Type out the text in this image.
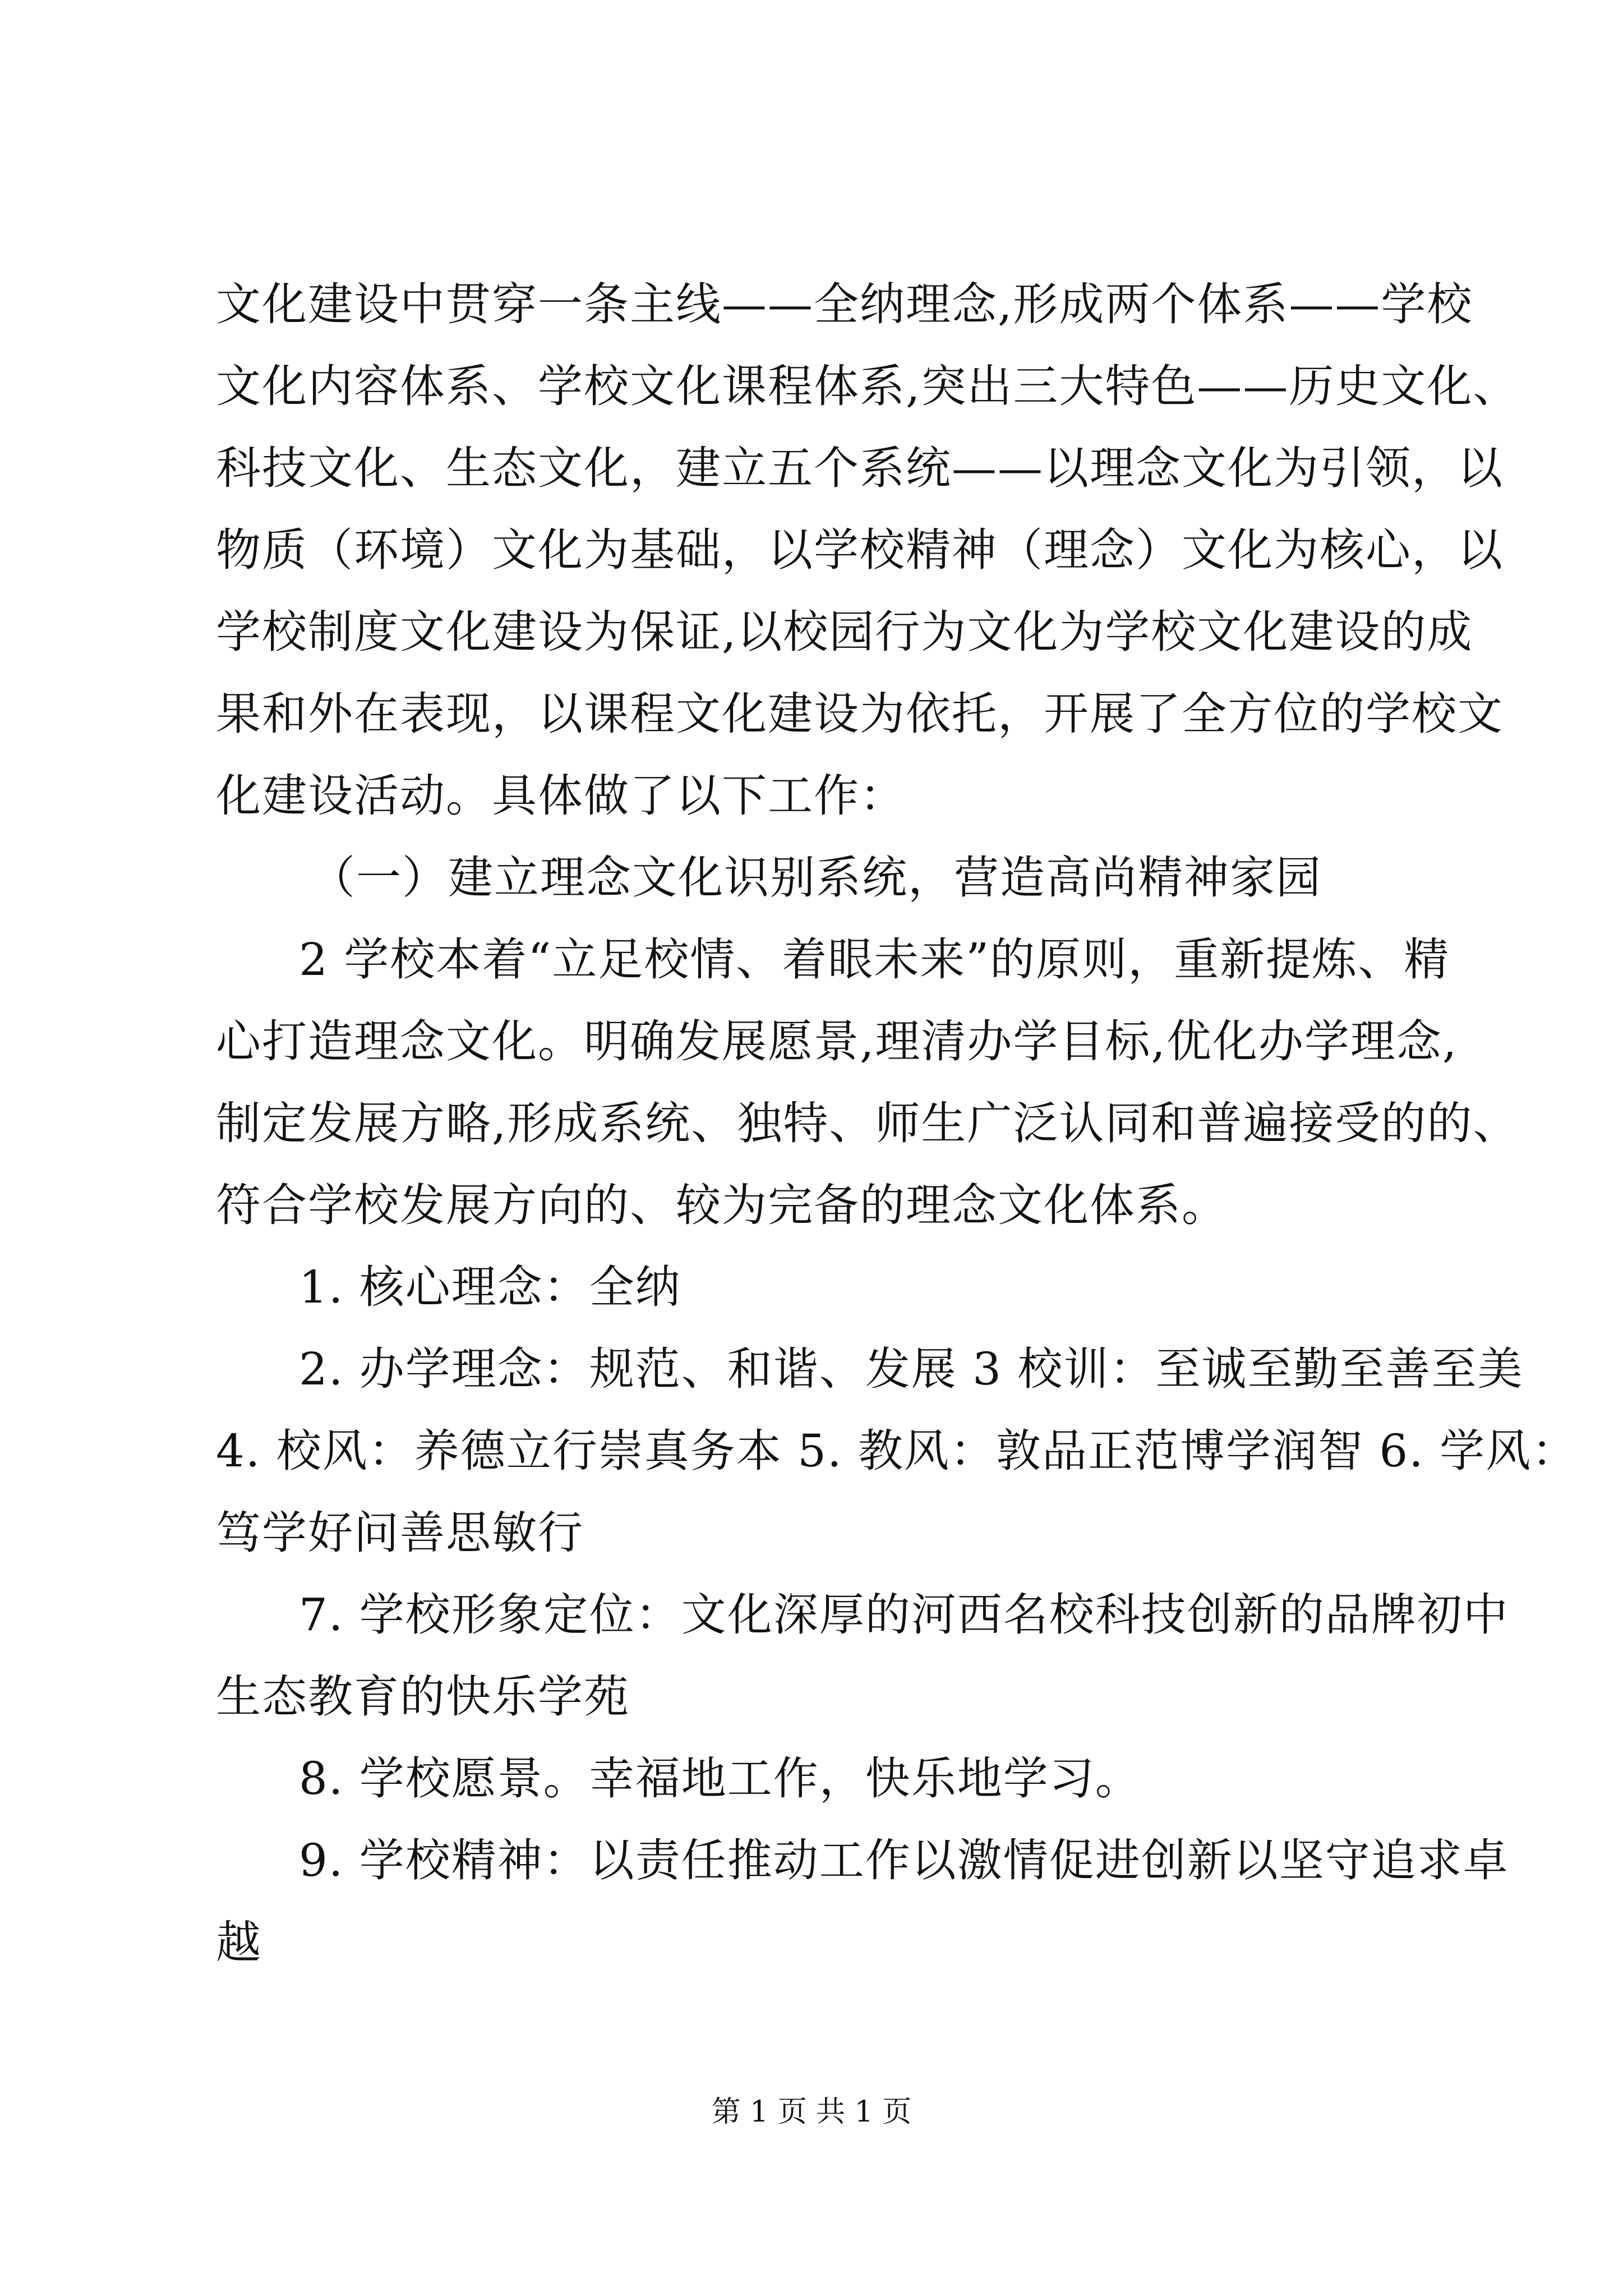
文化建设中贯穿一条主线——全纳理念,形成两个体系——学校
文化内容体系、学校文化课程体系,突出三大特色——历史文化、
科技文化、生态文化，建立五个系统——以理念文化为引领，以
物质（环境）文化为基础，以学校精神（理念）文化为核心，以
学校制度文化建设为保证,以校园行为文化为学校文化建设的成
果和外在表现，以课程文化建设为依托，开展了全方位的学校文
化建设活动。具体做了以下工作：
（一）建立理念文化识别系统，营造高尚精神家园
2 学校本着“立足校情、着眼未来”的原则，重新提炼、精
心打造理念文化。明确发展愿景,理清办学目标,优化办学理念,
制定发展方略,形成系统、独特、师生广泛认同和普遍接受的的、
符合学校发展方向的、较为完备的理念文化体系。
1. 核心理念：全纳
2. 办学理念：规范、和谐、发展 3 校训：至诚至勤至善至美
4. 校风：养德立行崇真务本 5. 教风：敦品正范博学润智 6. 学风：
笃学好问善思敏行
7. 学校形象定位：文化深厚的河西名校科技创新的品牌初中
生态教育的快乐学苑
8. 学校愿景。幸福地工作，快乐地学习。
9. 学校精神：以责任推动工作以激情促进创新以坚守追求卓
越
第 1 页 共 1 页
